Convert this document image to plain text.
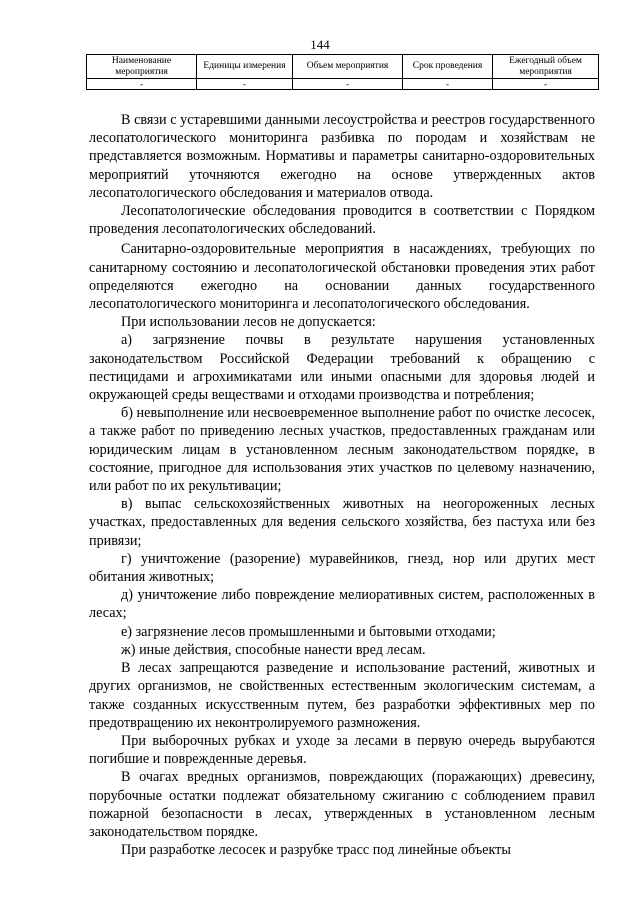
144
Наименование мероприятия	Единицы измерения	Объем мероприятия	Срок проведения	Ежегодный объем мероприятия
-	-	-	-	-

В связи с устаревшими данными лесоустройства и реестров государственного лесопатологического мониторинга разбивка по породам и хозяйствам не представляется возможным. Нормативы и параметры санитарно-оздоровительных мероприятий уточняются ежегодно на основе утвержденных актов лесопатологического обследования и материалов отвода.

Лесопатологические обследования проводится в соответствии с Порядком проведения лесопатологических обследований.

Санитарно-оздоровительные мероприятия в насаждениях, требующих по санитарному состоянию и лесопатологической обстановки проведения этих работ определяются ежегодно на основании данных государственного лесопатологического мониторинга и лесопатологического обследования.

При использовании лесов не допускается:

а) загрязнение почвы в результате нарушения установленных законодательством Российской Федерации требований к обращению с пестицидами и агрохимикатами или иными опасными для здоровья людей и окружающей среды веществами и отходами производства и потребления;

б) невыполнение или несвоевременное выполнение работ по очистке лесосек, а также работ по приведению лесных участков, предоставленных гражданам или юридическим лицам в установленном лесным законодательством порядке, в состояние, пригодное для использования этих участков по целевому назначению, или работ по их рекультивации;

в) выпас сельскохозяйственных животных на неогороженных лесных участках, предоставленных для ведения сельского хозяйства, без пастуха или без привязи;

г) уничтожение (разорение) муравейников, гнезд, нор или других мест обитания животных;

д) уничтожение либо повреждение мелиоративных систем, расположенных в лесах;

е) загрязнение лесов промышленными и бытовыми отходами;

ж) иные действия, способные нанести вред лесам.

В лесах запрещаются разведение и использование растений, животных и других организмов, не свойственных естественным экологическим системам, а также созданных искусственным путем, без разработки эффективных мер по предотвращению их неконтролируемого размножения.

При выборочных рубках и уходе за лесами в первую очередь вырубаются погибшие и поврежденные деревья.

В очагах вредных организмов, повреждающих (поражающих) древесину, порубочные остатки подлежат обязательному сжиганию с соблюдением правил пожарной безопасности в лесах, утвержденных в установленном лесным законодательством порядке.

При разработке лесосек и разрубке трасс под линейные объекты
